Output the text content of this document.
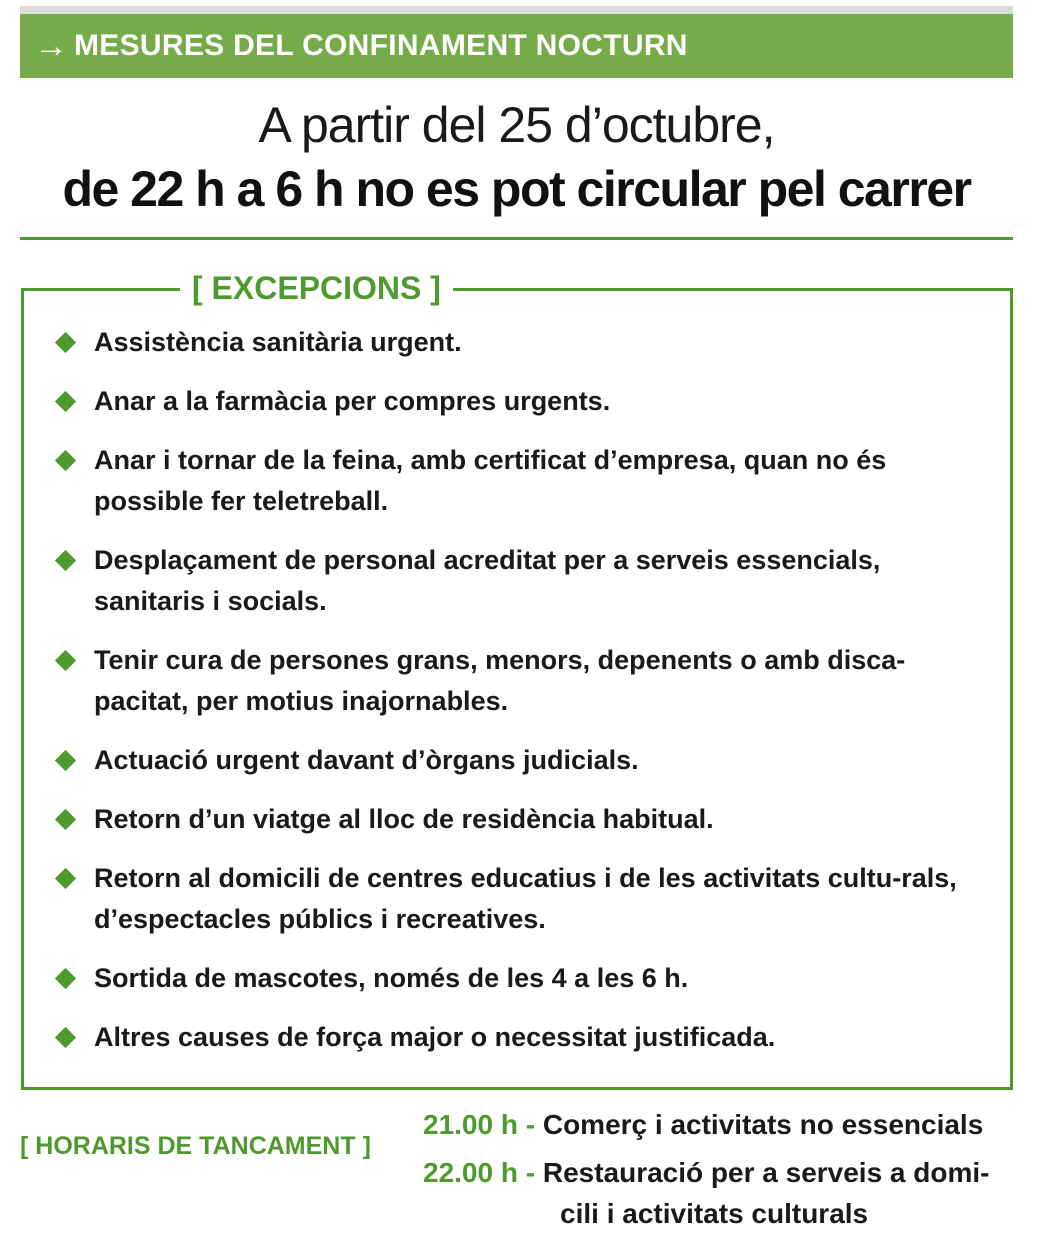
→ MESURES DEL CONFINAMENT NOCTURN
A partir del 25 d’octubre,
de 22 h a 6 h no es pot circular pel carrer
[ EXCEPCIONS ]
Assistència sanitària urgent.
Anar a la farmàcia per compres urgents.
Anar i tornar de la feina, amb certificat d’empresa, quan no és possible fer teletreball.
Desplaçament de personal acreditat per a serveis essencials, sanitaris i socials.
Tenir cura de persones grans, menors, depenents o amb disca-pacitat, per motius inajornables.
Actuació urgent davant d’òrgans judicials.
Retorn d’un viatge al lloc de residència habitual.
Retorn al domicili de centres educatius i de les activitats cultu-rals, d’espectacles públics i recreatives.
Sortida de mascotes, només de les 4 a les 6 h.
Altres causes de força major o necessitat justificada.
[ HORARIS DE TANCAMENT ]
21.00 h - Comerç i activitats no essencials
22.00 h - Restauració per a serveis a domi-
cili i activitats culturals
